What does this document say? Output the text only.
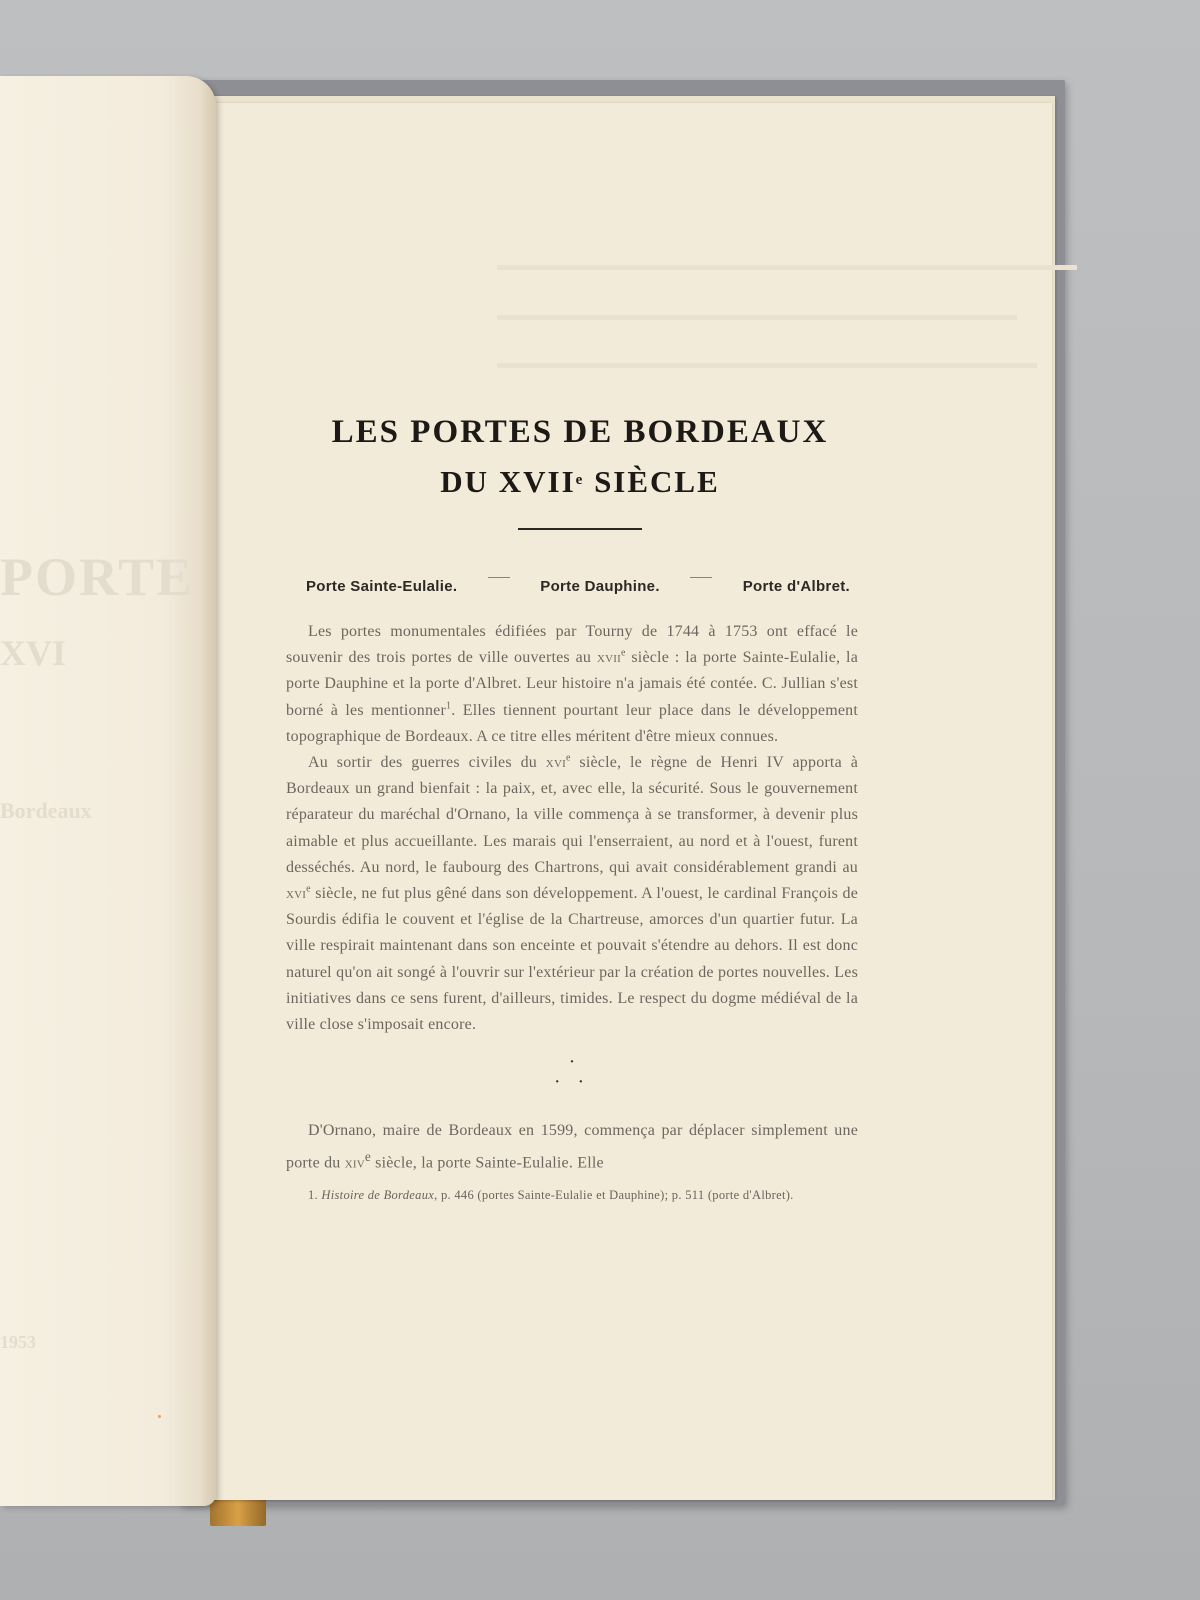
PORTE
XVI
Bordeaux
1953
LES PORTES DE BORDEAUX
DU XVIIe SIÈCLE
Porte Sainte-Eulalie.	Porte Dauphine.	Porte d'Albret.

Les portes monumentales édifiées par Tourny de 1744 à 1753 ont effacé le souvenir des trois portes de ville ouvertes au xvii$^e$ siècle : la porte Sainte-Eulalie, la porte Dauphine et la porte d'Albret. Leur histoire n'a jamais été contée. C. Jullian s'est borné à les mentionner$^1$. Elles tiennent pourtant leur place dans le développement topographique de Bordeaux. A ce titre elles méritent d'être mieux connues.

Au sortir des guerres civiles du xvi$^e$ siècle, le règne de Henri IV apporta à Bordeaux un grand bienfait : la paix, et, avec elle, la sécurité. Sous le gouvernement réparateur du maréchal d'Ornano, la ville commença à se transformer, à devenir plus aimable et plus accueillante. Les marais qui l'enserraient, au nord et à l'ouest, furent desséchés. Au nord, le faubourg des Chartrons, qui avait considérablement grandi au xvi$^e$ siècle, ne fut plus gêné dans son développement. A l'ouest, le cardinal François de Sourdis édifia le couvent et l'église de la Chartreuse, amorces d'un quartier futur. La ville respirait maintenant dans son enceinte et pouvait s'étendre au dehors. Il est donc naturel qu'on ait songé à l'ouvrir sur l'extérieur par la création de portes nouvelles. Les initiatives dans ce sens furent, d'ailleurs, timides. Le respect du dogme médiéval de la ville close s'imposait encore.

·
· ·

D'Ornano, maire de Bordeaux en 1599, commença par déplacer simplement une porte du xiv$^e$ siècle, la porte Sainte-Eulalie. Elle

1. Histoire de Bordeaux, p. 446 (portes Sainte-Eulalie et Dauphine); p. 511 (porte d'Albret).
